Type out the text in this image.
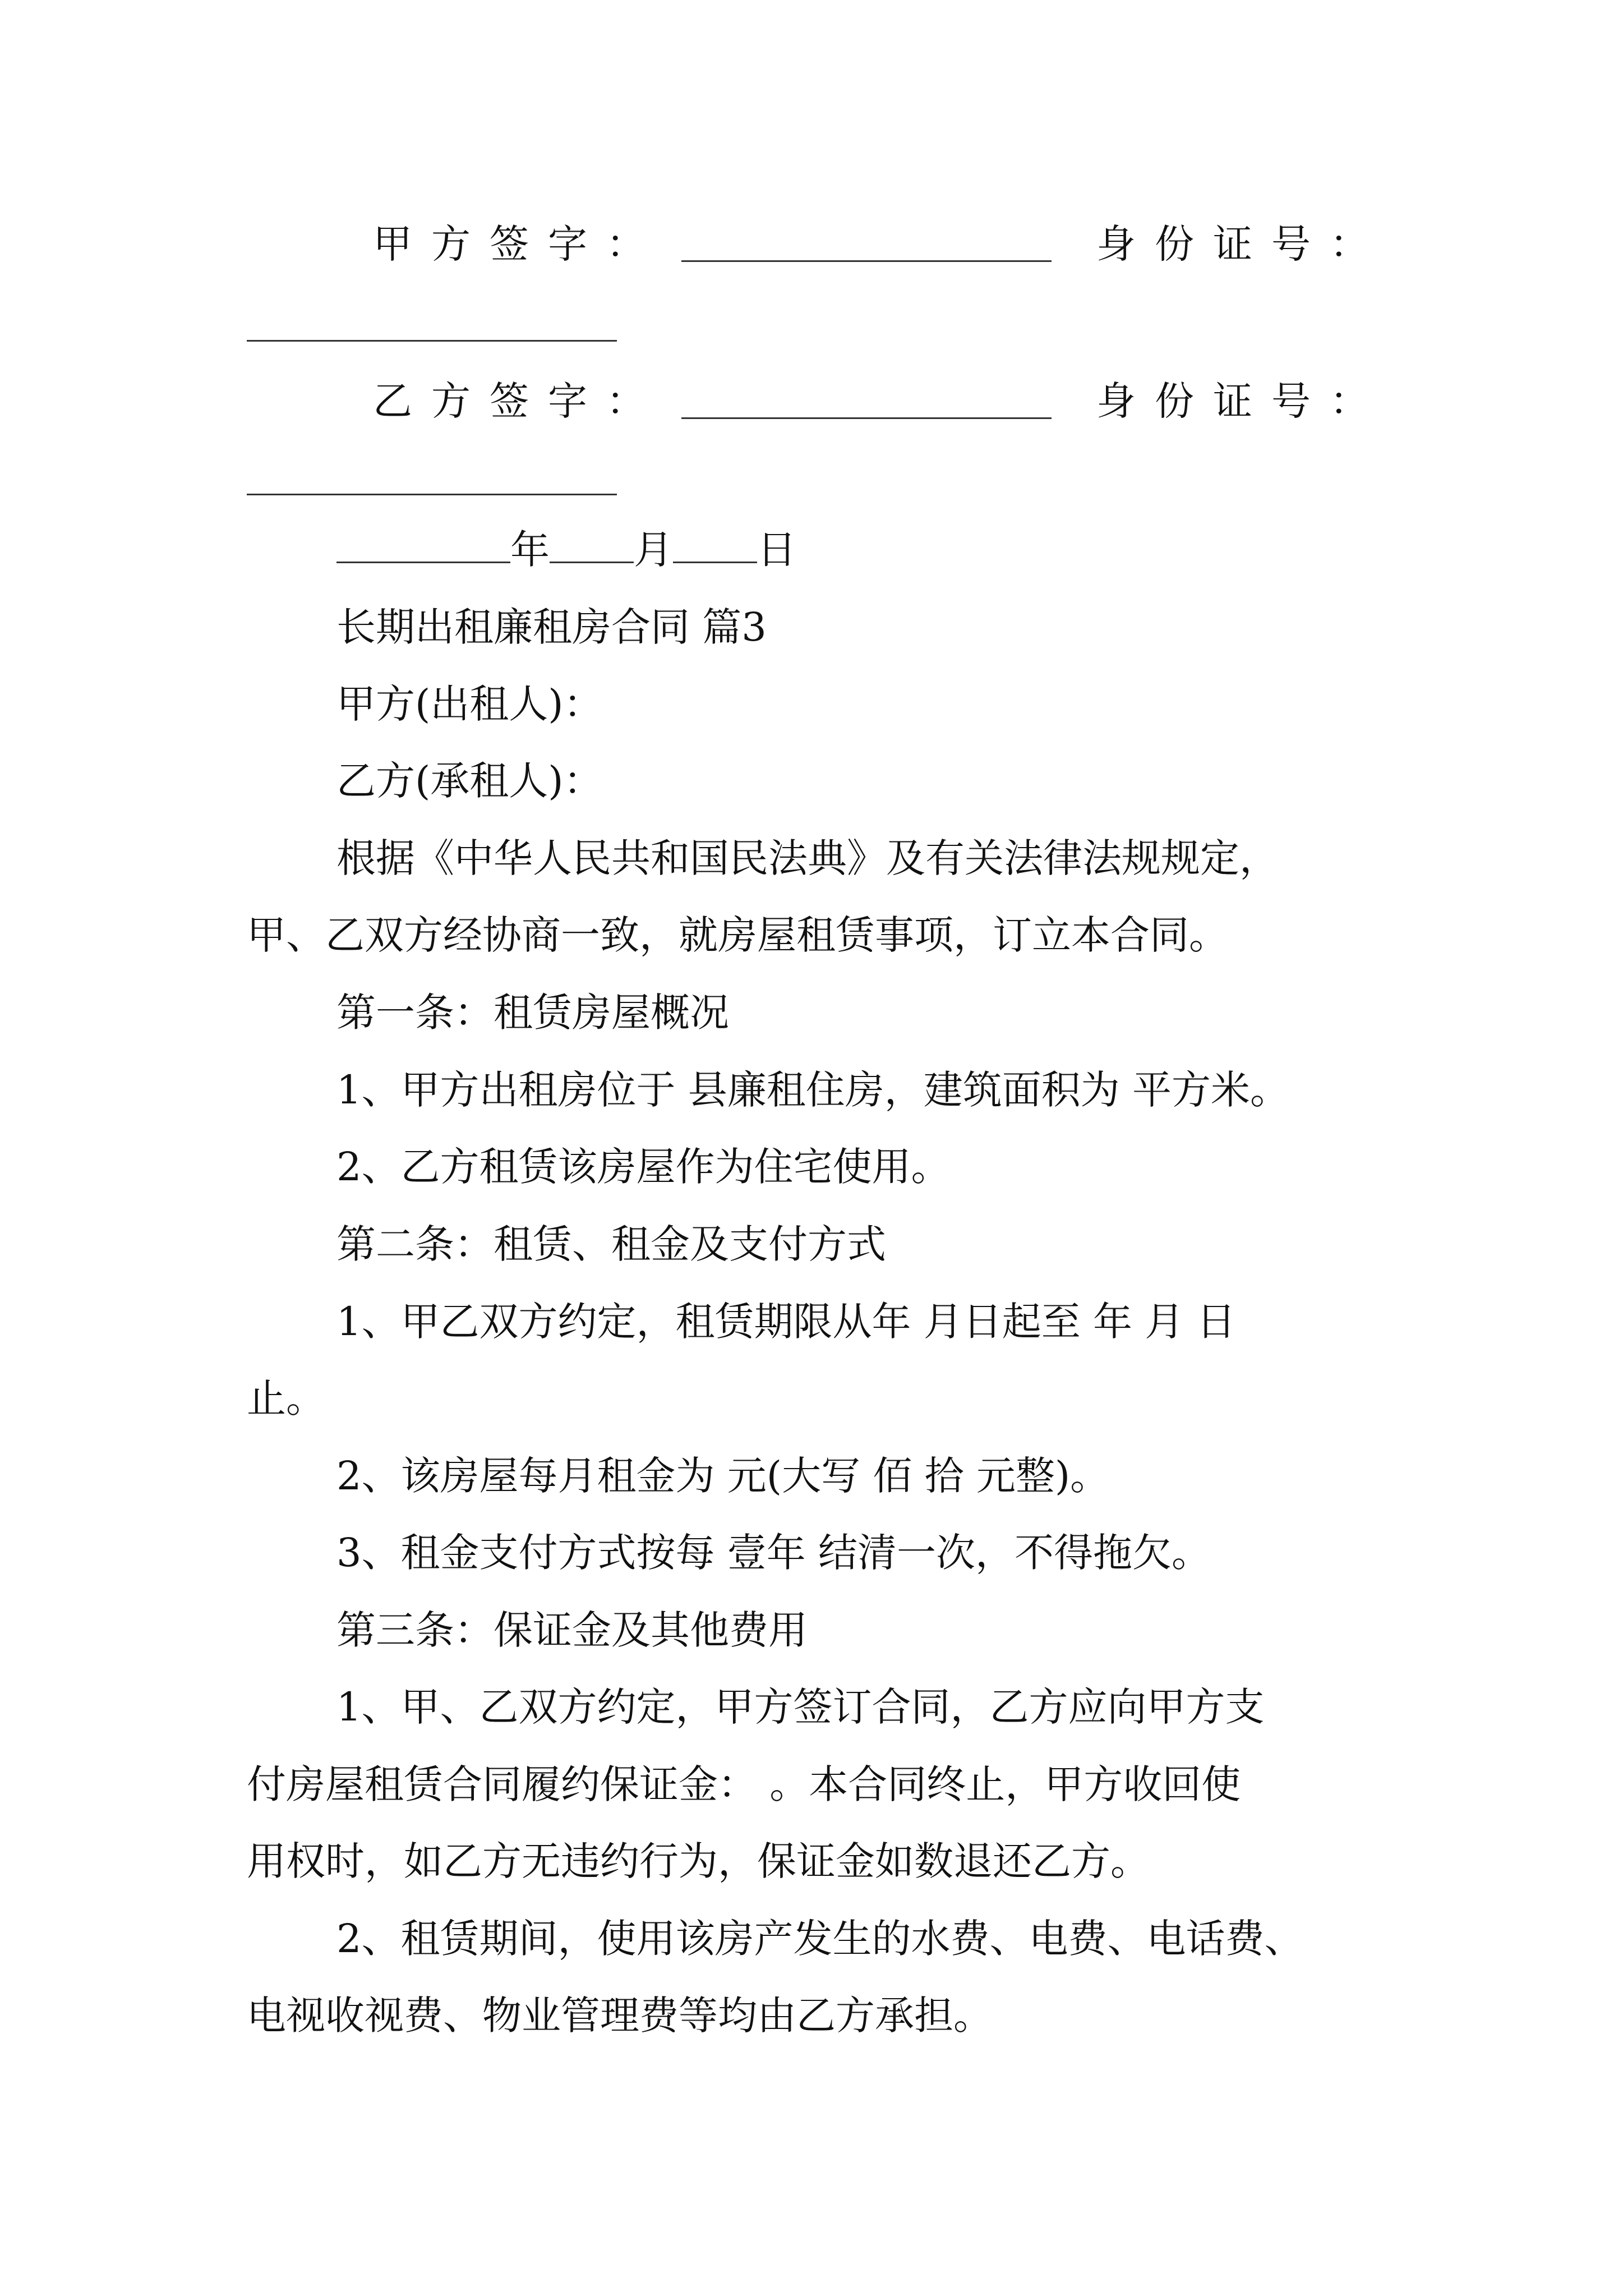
甲方签字：	身份证号：
乙方签字：	身份证号：
年 月 日
长期出租廉租房合同 篇3
甲方(出租人)：
乙方(承租人)：
根据《中华人民共和国民法典》及有关法律法规规定，
甲、乙双方经协商一致，就房屋租赁事项，订立本合同。
第一条：租赁房屋概况
1、甲方出租房位于 县廉租住房，建筑面积为 平方米。
2、乙方租赁该房屋作为住宅使用。
第二条：租赁、租金及支付方式
1、甲乙双方约定，租赁期限从年 月日起至 年 月 日
止。
2、该房屋每月租金为 元(大写 佰 拾 元整)。
3、租金支付方式按每 壹年 结清一次，不得拖欠。
第三条：保证金及其他费用
1、甲、乙双方约定，甲方签订合同，乙方应向甲方支
付房屋租赁合同履约保证金： 。本合同终止，甲方收回使
用权时，如乙方无违约行为，保证金如数退还乙方。
2、租赁期间，使用该房产发生的水费、电费、电话费、
电视收视费、物业管理费等均由乙方承担。
